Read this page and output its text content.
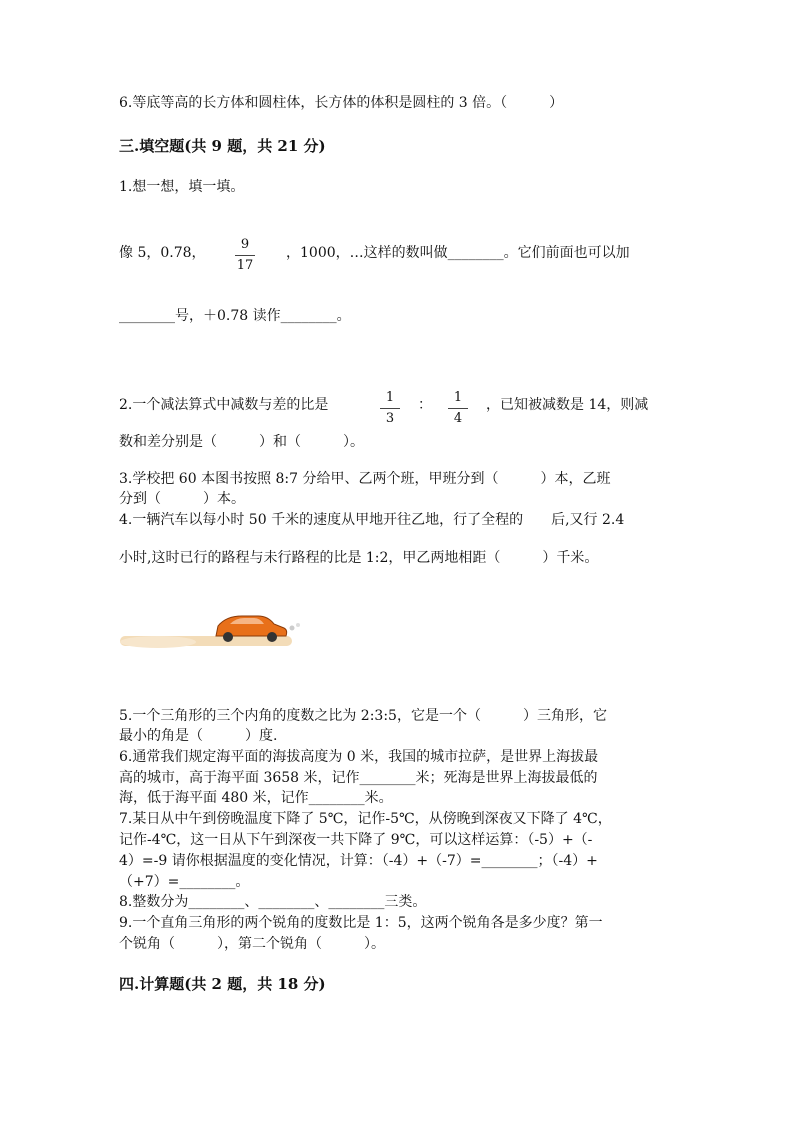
6.等底等高的长方体和圆柱体，长方体的体积是圆柱的 3 倍。（　　　）
三.填空题(共 9 题，共 21 分)
1.想一想，填一填。
像 5，0.78，
9
17
，1000，…这样的数叫做________。它们前面也可以加
________号，＋0.78 读作________。
2.一个减法算式中减数与差的比是	1
3
：	1
4
，已知被减数是 14，则减
数和差分别是（　　　）和（　　　）。
3.学校把 60 本图书按照 8:7 分给甲、乙两个班，甲班分到（　　　）本，乙班
分到（　　　）本。
4.一辆汽车以每小时 50 千米的速度从甲地开往乙地，行了全程的　　后,又行 2.4
小时,这时已行的路程与未行路程的比是 1:2，甲乙两地相距（　　　）千米。
5.一个三角形的三个内角的度数之比为 2:3:5，它是一个（　　　）三角形，它
最小的角是（　　　）度.
6.通常我们规定海平面的海拔高度为 0 米，我国的城市拉萨，是世界上海拔最
高的城市，高于海平面 3658 米，记作________米；死海是世界上海拔最低的
海，低于海平面 480 米，记作________米。
7.某日从中午到傍晚温度下降了 5℃，记作-5℃，从傍晚到深夜又下降了 4℃，
记作-4℃，这一日从下午到深夜一共下降了 9℃，可以这样运算：（-5）+（-
4）=-9 请你根据温度的变化情况，计算：（-4）+（-7）=________；（-4）+
（+7）=________。
8.整数分为________、________、________三类。
9.一个直角三角形的两个锐角的度数比是 1：5，这两个锐角各是多少度？第一
个锐角（　　　），第二个锐角（　　　）。
四.计算题(共 2 题，共 18 分)
